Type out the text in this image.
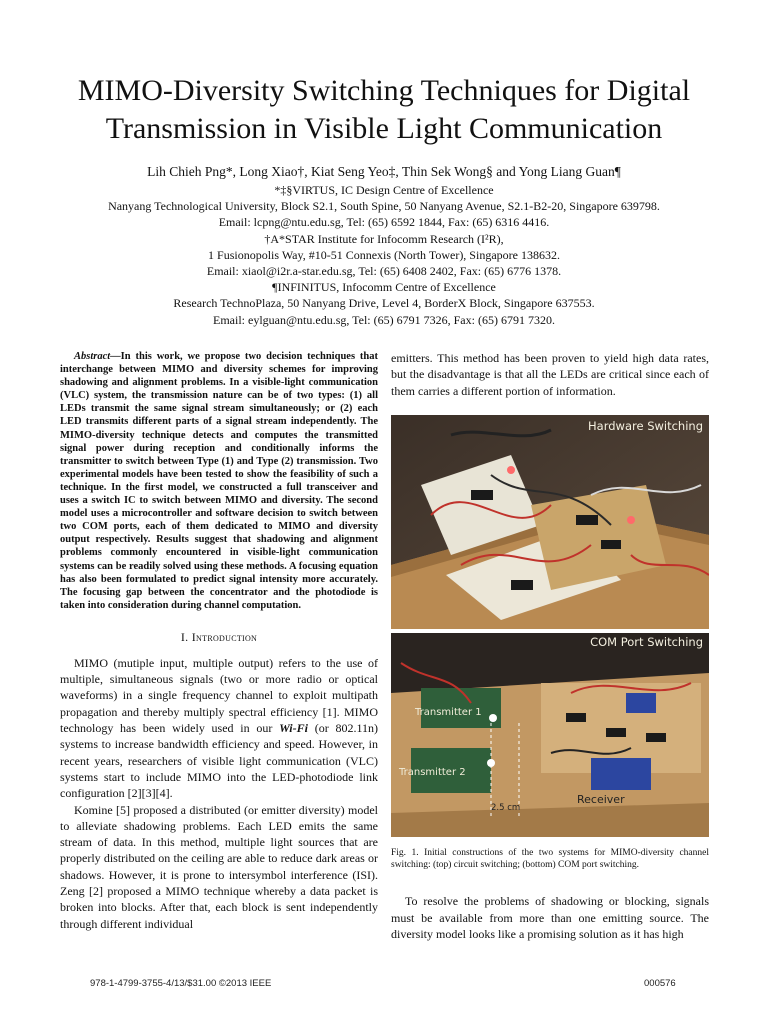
MIMO-Diversity Switching Techniques for Digital
Transmission in Visible Light Communication
Lih Chieh Png*, Long Xiao†, Kiat Seng Yeo‡, Thin Sek Wong§ and Yong Liang Guan¶
*‡§VIRTUS, IC Design Centre of Excellence
Nanyang Technological University, Block S2.1, South Spine, 50 Nanyang Avenue, S2.1-B2-20, Singapore 639798.
Email: lcpng@ntu.edu.sg, Tel: (65) 6592 1844, Fax: (65) 6316 4416.
†A*STAR Institute for Infocomm Research (I²R),
1 Fusionopolis Way, #10-51 Connexis (North Tower), Singapore 138632.
Email: xiaol@i2r.a-star.edu.sg, Tel: (65) 6408 2402, Fax: (65) 6776 1378.
¶INFINITUS, Infocomm Centre of Excellence
Research TechnoPlaza, 50 Nanyang Drive, Level 4, BorderX Block, Singapore 637553.
Email: eylguan@ntu.edu.sg, Tel: (65) 6791 7326, Fax: (65) 6791 7320.

Abstract—In this work, we propose two decision techniques that interchange between MIMO and diversity schemes for improving shadowing and alignment problems. In a visible-light communication (VLC) system, the transmission nature can be of two types: (1) all LEDs transmit the same signal stream simultaneously; or (2) each LED transmits different parts of a signal stream independently. The MIMO-diversity technique detects and computes the transmitted signal power during reception and conditionally informs the transmitter to switch between Type (1) and Type (2) transmission. Two experimental models have been tested to show the feasibility of such a technique. In the first model, we constructed a full transceiver and uses a switch IC to switch between MIMO and diversity. The second model uses a microcontroller and software decision to switch between two COM ports, each of them dedicated to MIMO and diversity output respectively. Results suggest that shadowing and alignment problems commonly encountered in visible-light communication systems can be readily solved using these methods. A focusing equation has also been formulated to predict signal intensity more accurately. The focusing gap between the concentrator and the photodiode is taken into consideration during channel computation.

I. Introduction

MIMO (mutiple input, multiple output) refers to the use of multiple, simultaneous signals (two or more radio or optical waveforms) in a single frequency channel to exploit multipath propagation and thereby multiply spectral efficiency [1]. MIMO technology has been widely used in our Wi-Fi (or 802.11n) systems to increase bandwidth efficiency and speed. However, in recent years, researchers of visible light communication (VLC) systems start to include MIMO into the LED-photodiode link configuration [2][3][4].

Komine [5] proposed a distributed (or emitter diversity) model to alleviate shadowing problems. Each LED emits the same stream of data. In this method, multiple light sources that are properly distributed on the ceiling are able to reduce dark areas or shadows. However, it is prone to intersymbol interference (ISI). Zeng [2] proposed a MIMO technique whereby a data packet is broken into blocks. After that, each block is sent independently through different individual

emitters. This method has been proven to yield high data rates, but the disadvantage is that all the LEDs are critical since each of them carries a different portion of information.

Hardware Switching
COM Port Switching
Transmitter 1
Transmitter 2
Receiver
2.5 cm

Fig. 1. Initial constructions of the two systems for MIMO-diversity channel switching: (top) circuit switching; (bottom) COM port switching.

To resolve the problems of shadowing or blocking, signals must be available from more than one emitting source. The diversity model looks like a promising solution as it has high

978-1-4799-3755-4/13/$31.00 ©2013 IEEE	000576
